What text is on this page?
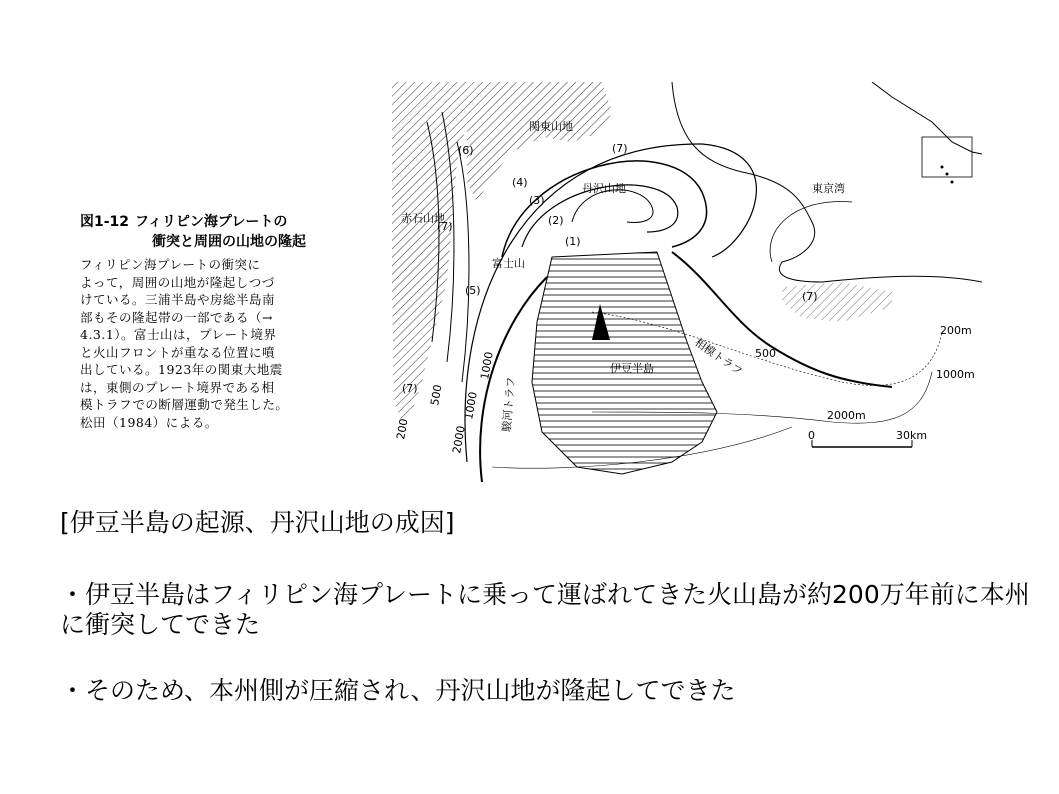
図1-12 フィリピン海プレートの
衝突と周囲の山地の隆起

フィリピン海プレートの衝突に
よって，周囲の山地が隆起しつづ
けている。三浦半島や房総半島南
部もその隆起帯の一部である（→
4.3.1）。富士山は，プレート境界
と火山フロントが重なる位置に噴
出している。1923年の関東大地震
は，東側のプレート境界である相
模トラフでの断層運動で発生した。
松田（1984）による。
0	30km
関東山地
丹沢山地
富士山
伊豆半島
赤石山地
東京湾
相模トラフ
駿河トラフ
(1)
(2)
(3)
(4)
(5)
(6)	(7)
(7)
(7)
(7)
200m
1000m
2000m
500
1000
2000
200
500 1000
[伊豆半島の起源、丹沢山地の成因]
・伊豆半島はフィリピン海プレートに乗って運ばれてきた火山島が約200万年前に本州に衝突してできた
・そのため、本州側が圧縮され、丹沢山地が隆起してできた
